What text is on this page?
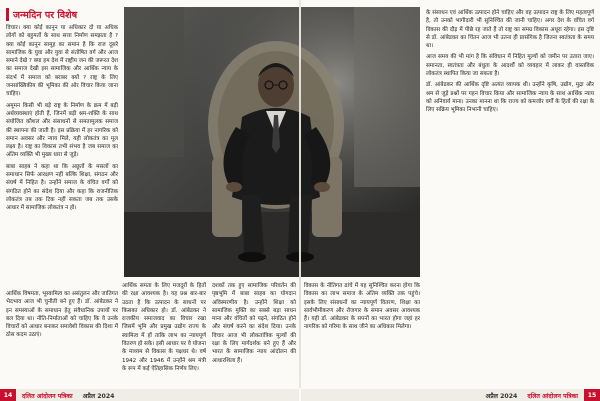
जन्मदिन पर विशेष

विचार। क्या कोई कानून या अधिकार दो या अधिक लोगों को बहुमतों के साथ सत्ता निर्माण समझता है ? क्या कोई कानून सामूह का समान है कि राज दूसरे सामाजिक के युवा और युवा से संतोषित वर्ग और आज समाने देखे ? क्या हम देश में राष्ट्रीय जन की जरूरत देश का समाज देखी इस सामाजिक और आर्थिक न्याय के संदर्भ में समाज को बराबर क्यों ? राष्ट्र के लिए जनसांख्यिकीय की भूमिका की ओर विचार किया जाना चाहिए।

अमूमन किसी भी बड़े राष्ट्र के निर्माण के क्रम में बड़ी अर्थव्यवस्थाएं होती हैं, जिनमें बड़ी श्रम-शक्ति के साथ संयोजित कौशल और संसाधनों से समतामूलक समाज की स्थापना की जाती है। इस प्रक्रिया में हर नागरिक को समान अवसर और न्याय मिले, यही लोकतंत्र का मूल लक्ष्य है। राष्ट्र का विकास तभी संभव है जब समाज का अंतिम व्यक्ति भी मुख्य धारा से जुड़े।

बाबा साहब ने कहा था कि अछूतों के मसलों का समाधान सिर्फ आरक्षण नहीं बल्कि शिक्षा, संगठन और संघर्ष में निहित है। उन्होंने समाज के वंचित वर्गों को संगठित होने का संदेश दिया और कहा कि राजनीतिक लोकतंत्र तब तक टिक नहीं सकता जब तक उसके आधार में सामाजिक लोकतंत्र न हो।

के संसाधन एवं आर्थिक उत्पादन होने चाहिए और वह उत्पादन राष्ट्र के लिए महत्वपूर्ण है, तो उनको भागीदारी भी सुनिश्चित की जानी चाहिए। अगर देश के वंचित वर्ग विकास की दौड़ में पीछे रह जाते हैं तो राष्ट्र का समग्र विकास अधूरा रहेगा। इस दृष्टि से डॉ. आंबेडकर का चिंतन आज भी उतना ही प्रासंगिक है जितना स्वतंत्रता के समय था।

आज समय की भी मांग है कि संविधान में निहित मूल्यों को जमीन पर उतारा जाए। समानता, स्वतंत्रता और बंधुता के आदर्शों को व्यवहार में लाकर ही वास्तविक लोकतंत्र स्थापित किया जा सकता है।

डॉ. आंबेडकर की आर्थिक दृष्टि अत्यंत व्यापक थी। उन्होंने कृषि, उद्योग, मुद्रा और श्रम से जुड़े प्रश्नों पर गहन विचार किया और सामाजिक न्याय के साथ आर्थिक न्याय को अनिवार्य माना। उनका मानना था कि राज्य को कमजोर वर्गों के हितों की रक्षा के लिए सक्रिय भूमिका निभानी चाहिए।

आर्थिक समता के लिए मजदूरों के हितों की रक्षा आवश्यक है। यह प्रश्न बार-बार उठता है कि उत्पादन के साधनों पर किसका अधिकार हो। डॉ. आंबेडकर ने राजकीय समाजवाद का विचार रखा जिसमें भूमि और प्रमुख उद्योग राज्य के स्वामित्व में हों ताकि लाभ का न्यायपूर्ण वितरण हो सके। इसी आधार पर वे योजना के माध्यम से विकास के पक्षधर थे। वर्ष 1942 और 1946 में उन्होंने श्रम मंत्री के रूप में कई ऐतिहासिक निर्णय लिए।

दशकों तक हुए सामाजिक परिवर्तन की पृष्ठभूमि में बाबा साहब का योगदान अविस्मरणीय है। उन्होंने शिक्षा को सामाजिक मुक्ति का सबसे बड़ा साधन माना और वंचितों को पढ़ने, संगठित होने और संघर्ष करने का संदेश दिया। उनके विचार आज भी लोकतांत्रिक मूल्यों की रक्षा के लिए मार्गदर्शक बने हुए हैं और भारत के सामाजिक न्याय आंदोलन की आधारशिला हैं।

विकास के नीतिगत ढांचे में यह सुनिश्चित करना होगा कि विकास का लाभ समाज के अंतिम व्यक्ति तक पहुंचे। इसके लिए संसाधनों का न्यायपूर्ण वितरण, शिक्षा का सार्वभौमीकरण और रोजगार के समान अवसर आवश्यक हैं। यही डॉ. आंबेडकर के सपनों का भारत होगा जहां हर नागरिक को गरिमा के साथ जीने का अधिकार मिलेगा।

आर्थिक विषमता, भूस्वामित्व का असंतुलन और जातिगत भेदभाव आज भी चुनौती बने हुए हैं। डॉ. आंबेडकर ने इन समस्याओं के समाधान हेतु संवैधानिक उपायों पर बल दिया था। नीति-निर्माताओं को चाहिए कि वे उनके विचारों को आधार बनाकर समावेशी विकास की दिशा में ठोस कदम उठाएं।

14	दलित आंदोलन पत्रिका	अप्रैल 2024	अप्रैल 2024	दलित आंदोलन पत्रिका	15
